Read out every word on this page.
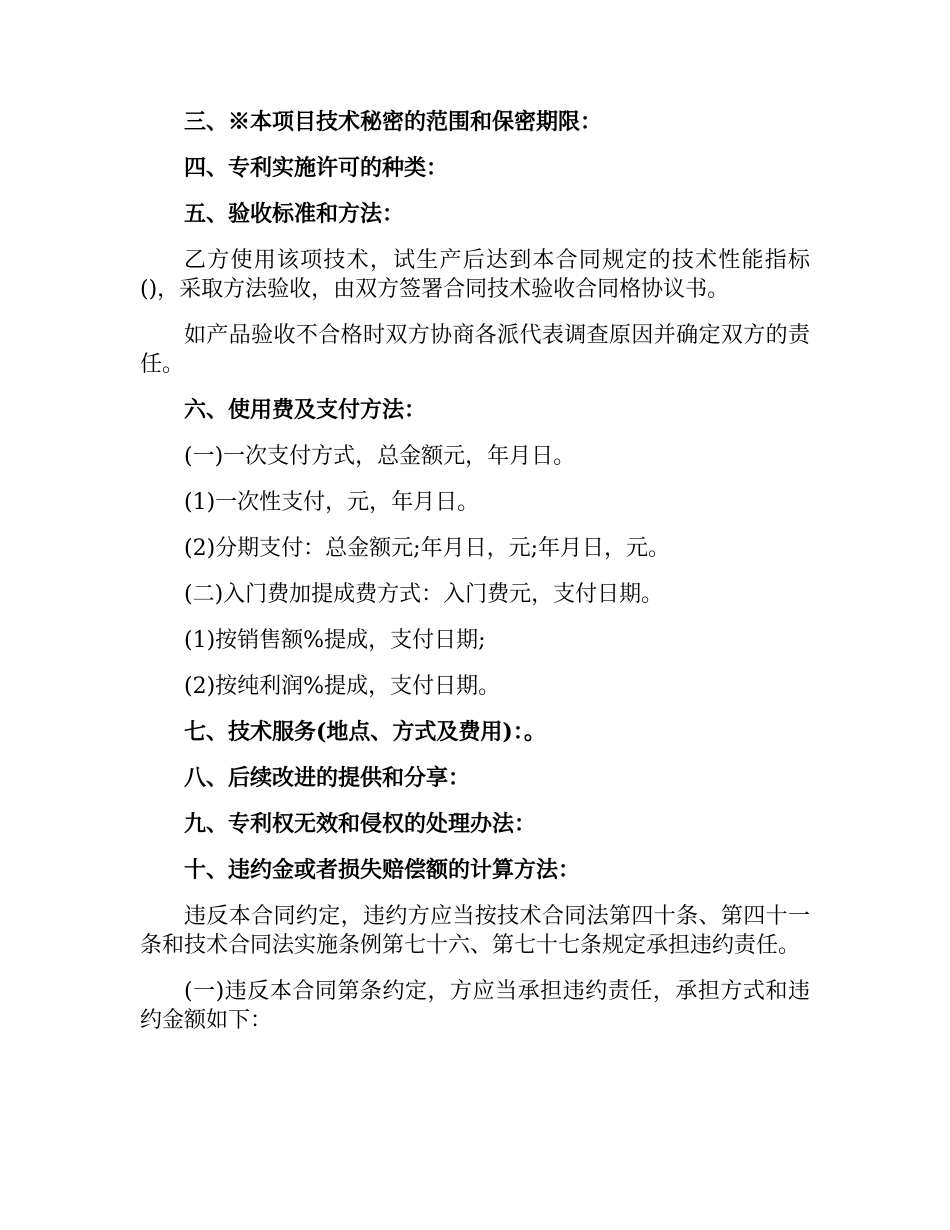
三、※本项目技术秘密的范围和保密期限：

四、专利实施许可的种类：

五、验收标准和方法：

乙方使用该项技术，试生产后达到本合同规定的技术性能指标()，采取方法验收，由双方签署合同技术验收合同格协议书。

如产品验收不合格时双方协商各派代表调查原因并确定双方的责任。

六、使用费及支付方法：

(一)一次支付方式，总金额元，年月日。

(1)一次性支付，元，年月日。

(2)分期支付：总金额元;年月日，元;年月日，元。

(二)入门费加提成费方式：入门费元，支付日期。

(1)按销售额%提成，支付日期;

(2)按纯利润%提成，支付日期。

七、技术服务(地点、方式及费用)：。

八、后续改进的提供和分享：

九、专利权无效和侵权的处理办法：

十、违约金或者损失赔偿额的计算方法：

违反本合同约定，违约方应当按技术合同法第四十条、第四十一条和技术合同法实施条例第七十六、第七十七条规定承担违约责任。

(一)违反本合同第条约定，方应当承担违约责任，承担方式和违约金额如下：
